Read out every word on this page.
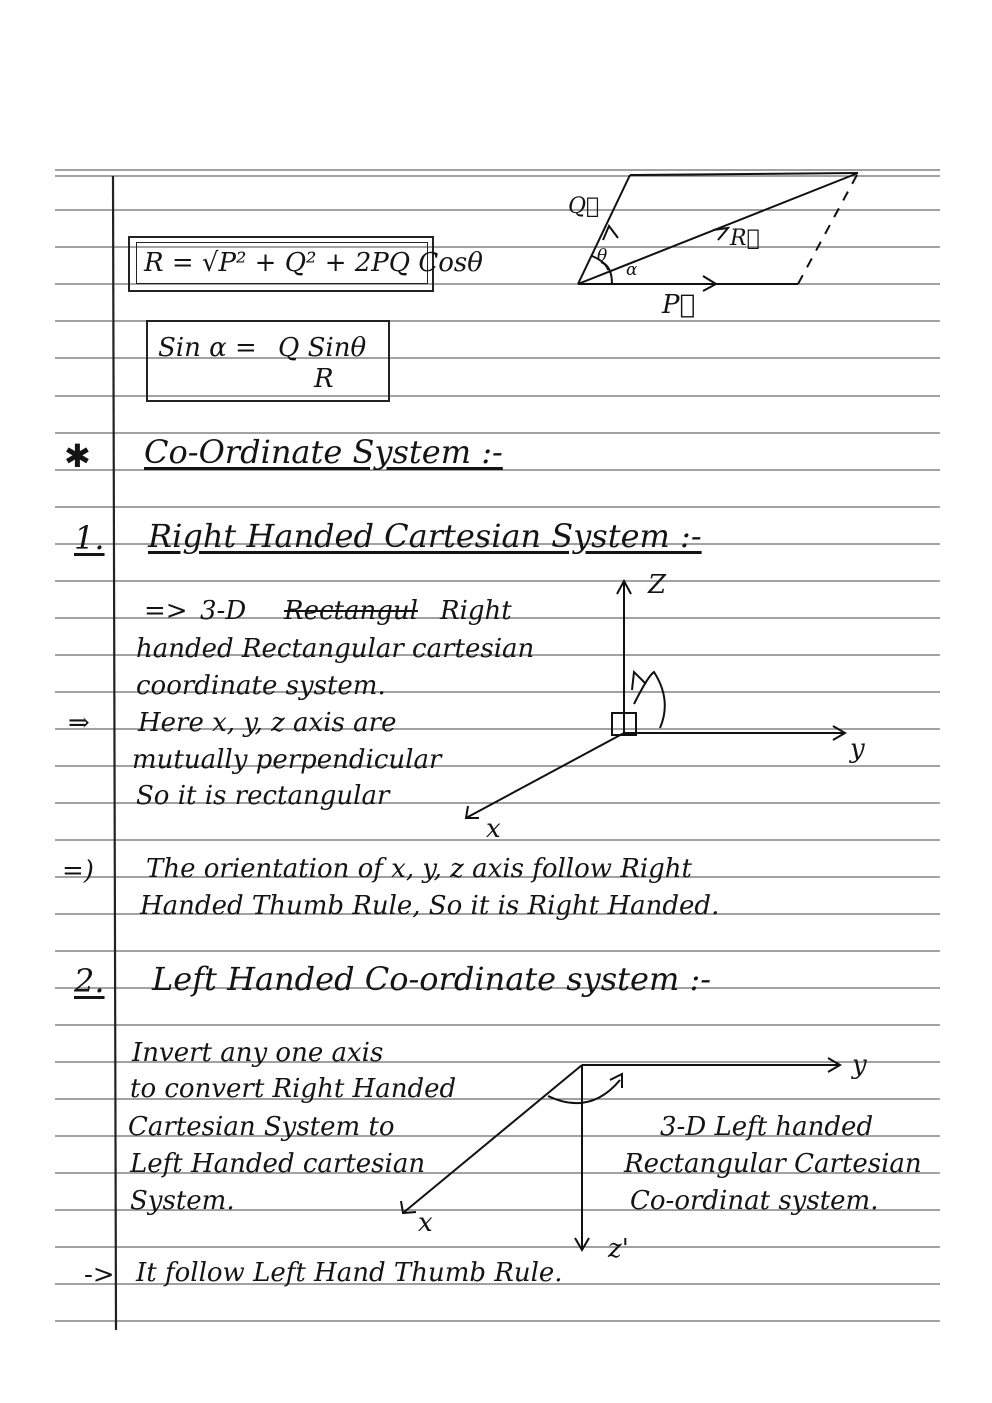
R = √P² + Q² + 2PQ Cosθ
Sin α = Q Sinθ
R
Q⃗
θ
α
R⃗
P⃗
✱ Co-Ordinate System :-
1. Right Handed Cartesian System :-
=> 3-D Rectangul Right
handed Rectangular cartesian
coordinate system.
⇒ Here x, y, z axis are
mutually perpendicular
So it is rectangular
Z
y
x
=) The orientation of x, y, z axis follow Right
Handed Thumb Rule, So it is Right Handed.
2. Left Handed Co-ordinate system :-
Invert any one axis
to convert Right Handed
Cartesian System to
Left Handed cartesian
System.
y
x
z'
3-D Left handed
Rectangular Cartesian
Co-ordinat system.
-> It follow Left Hand Thumb Rule.
